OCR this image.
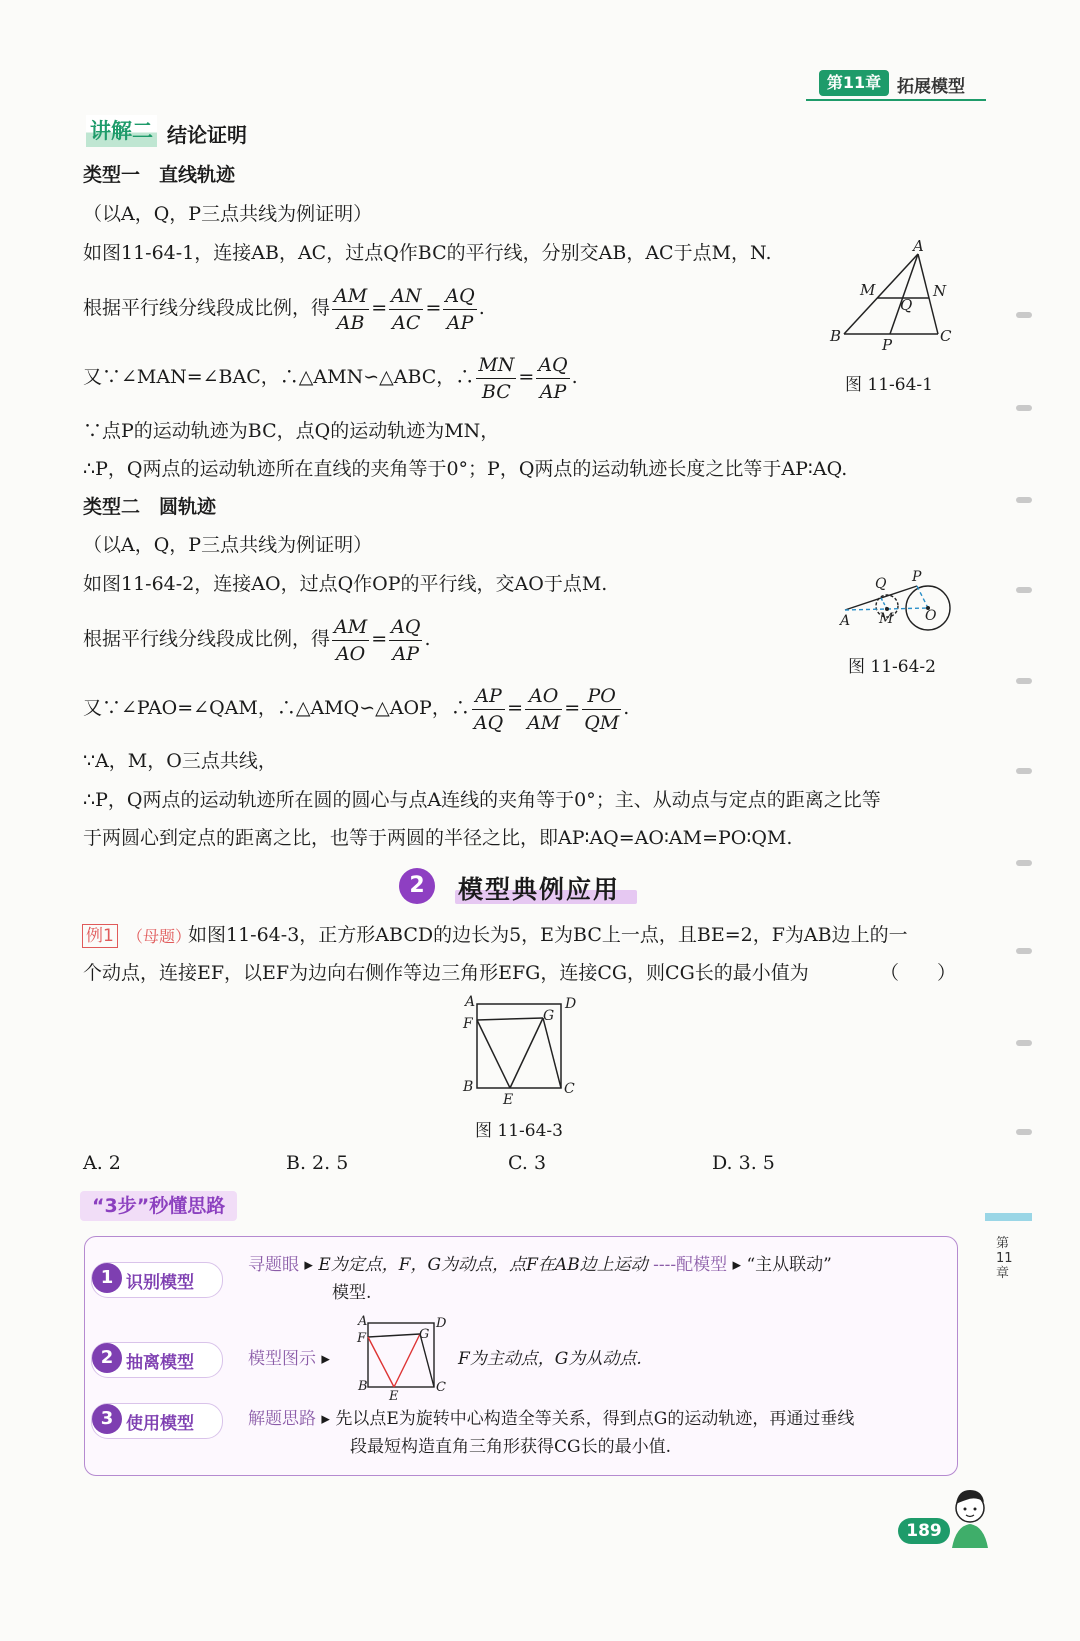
第11章 拓展模型
讲解二 结论证明
类型一　直线轨迹
（以A，Q，P三点共线为例证明）
如图11-64-1，连接AB，AC，过点Q作BC的平行线，分别交AB，AC于点M，N.
根据平行线分线段成比例，得 $\frac{AM}{AB} = \frac{AN}{AC} = \frac{AQ}{AP}$ .
又∵∠MAN=∠BAC，∴△AMN∽△ABC，∴ $\frac{MN}{BC} = \frac{AQ}{AP}$ .
∵点P的运动轨迹为BC，点Q的运动轨迹为MN，
∴P，Q两点的运动轨迹所在直线的夹角等于0°；P，Q两点的运动轨迹长度之比等于AP∶AQ.
A
M	N
Q
B	P	C
图 11-64-1
类型二　圆轨迹
（以A，Q，P三点共线为例证明）
如图11-64-2，连接AO，过点Q作OP的平行线，交AO于点M.
根据平行线分线段成比例，得 $\frac{AM}{AO} = \frac{AQ}{AP}$ .
又∵∠PAO=∠QAM，∴△AMQ∽△AOP，∴ $\frac{AP}{AQ} = \frac{AO}{AM} = \frac{PO}{QM}$ .
∵A，M，O三点共线，
∴P，Q两点的运动轨迹所在圆的圆心与点A连线的夹角等于0°；主、从动点与定点的距离之比等
于两圆心到定点的距离之比，也等于两圆的半径之比，即AP∶AQ=AO∶AM=PO∶QM.
Q P
A M O
图 11-64-2
2	模型典例应用
例1 （母题）
如图11-64-3，正方形ABCD的边长为5，E为BC上一点，且BE=2，F为AB边上的一
个动点，连接EF，以EF为边向右侧作等边三角形EFG，连接CG，则CG长的最小值为	（　　）
A	D
F	G
B
E
C
图 11-64-3
A. 2	B. 2. 5	C. 3	D. 3. 5
“3步”秒懂思路
1 识别模型
寻题眼 ▸ E为定点，F，G为动点，点F在AB边上运动 ----配模型 ▸ “主从联动”
模型.
2 抽离模型	模型图示 ▸
A	D
F	G
B
E
C
F为主动点，G为从动点.
3 使用模型	解题思路 ▸ 先以点E为旋转中心构造全等关系，得到点G的运动轨迹，再通过垂线
段最短构造直角三角形获得CG长的最小值.
第11章
189
